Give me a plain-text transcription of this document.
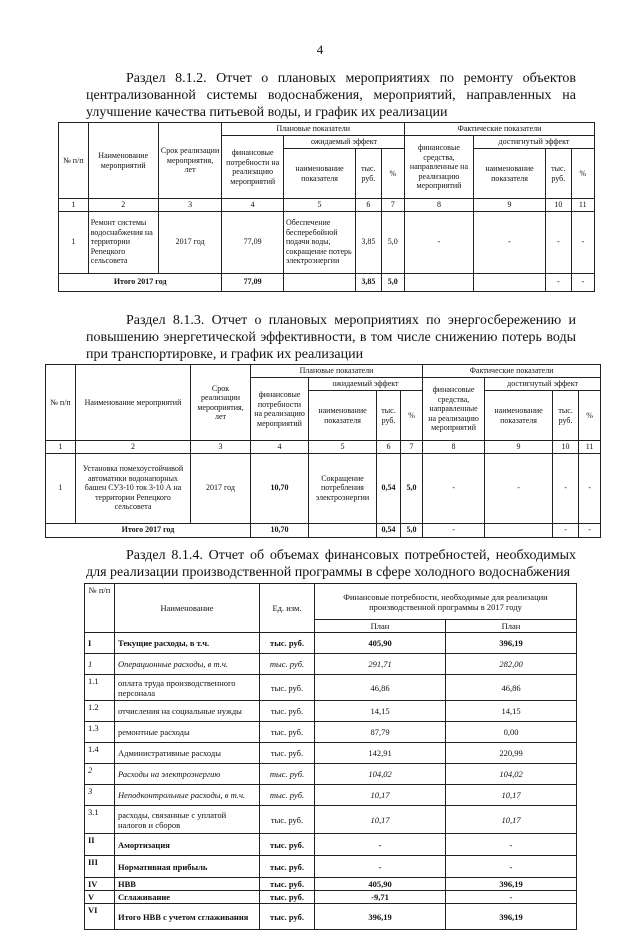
4
Раздел 8.1.2. Отчет о плановых мероприятиях по ремонту объектов централизованной системы водоснабжения, мероприятий, направленных на улучшение качества питьевой воды, и график их реализации
№ п/п	Наименование мероприятий	Срок реализации мероприятия, лет	Плановые показатели				Фактические показатели			
			финансовые потребности на реализацию мероприятий	ожидаемый эффект			финансовые средства, направленные на реализацию мероприятий	достигнутый эффект		
				наименование показателя	тыс. руб.	%		наименование показателя	тыс. руб.	%
1	2	3	4	5	6	7	8	9	10	11
1	Ремонт системы водоснабжения на территории Репецкого сельсовета	2017 год	77,09	Обеспечение бесперебойной подачи воды, сокращение потерь электроэнергии	3,85	5,0	-	-	-	-
Итого 2017 год			77,09		3,85	5,0			-	-
Раздел 8.1.3. Отчет о плановых мероприятиях по энергосбережению и повышению энергетической эффективности, в том числе снижению потерь воды при транспортировке, и график их реализации
№ п/п	Наименование мероприятий	Срок реализации мероприятия, лет	Плановые показатели				Фактические показатели			
			финансовые потребности на реализацию мероприятий	ожидаемый эффект			финансовые средства, направленные на реализацию мероприятий	достигнутый эффект		
				наименование показателя	тыс. руб.	%		наименование показателя	тыс. руб.	%
1	2	3	4	5	6	7	8	9	10	11
1	Установка помехоустойчивой автоматики водонапорных башен СУЗ-10 ток 3-10 А на территории Репецкого сельсовета	2017 год	10,70	Сокращение потребления электроэнергии	0,54	5,0	-	-	-	-
Итого 2017 год			10,70		0,54	5,0	-		-	-
Раздел 8.1.4. Отчет об объемах финансовых потребностей, необходимых для реализации производственной программы в сфере холодного водоснабжения
№ п/п	Наименование	Ед. изм.	Финансовые потребности, необходимые для реализации производственной программы в 2017 году	
			План	План
I	Текущие расходы, в т.ч.	тыс. руб.	405,90	396,19
1	Операционные расходы, в т.ч.	тыс. руб.	291,71	282,00
1.1	оплата труда производственного персонала	тыс. руб.	46,86	46,86
1.2	отчисления на социальные нужды	тыс. руб.	14,15	14,15
1.3	ремонтные расходы	тыс. руб.	87,79	0,00
1.4	Административные расходы	тыс. руб.	142,91	220,99
2	Расходы на электроэнергию	тыс. руб.	104,02	104,02
3	Неподконтрольные расходы, в т.ч.	тыс. руб.	10,17	10,17
3.1	расходы, связанные с уплатой налогов и сборов	тыс. руб.	10,17	10,17
II	Амортизация	тыс. руб.	-	-
III	Нормативная прибыль	тыс. руб.	-	-
IV	НВВ	тыс. руб.	405,90	396,19
V	Сглаживание	тыс. руб.	-9,71	-
VI	Итого НВВ с учетом сглаживания	тыс. руб.	396,19	396,19
